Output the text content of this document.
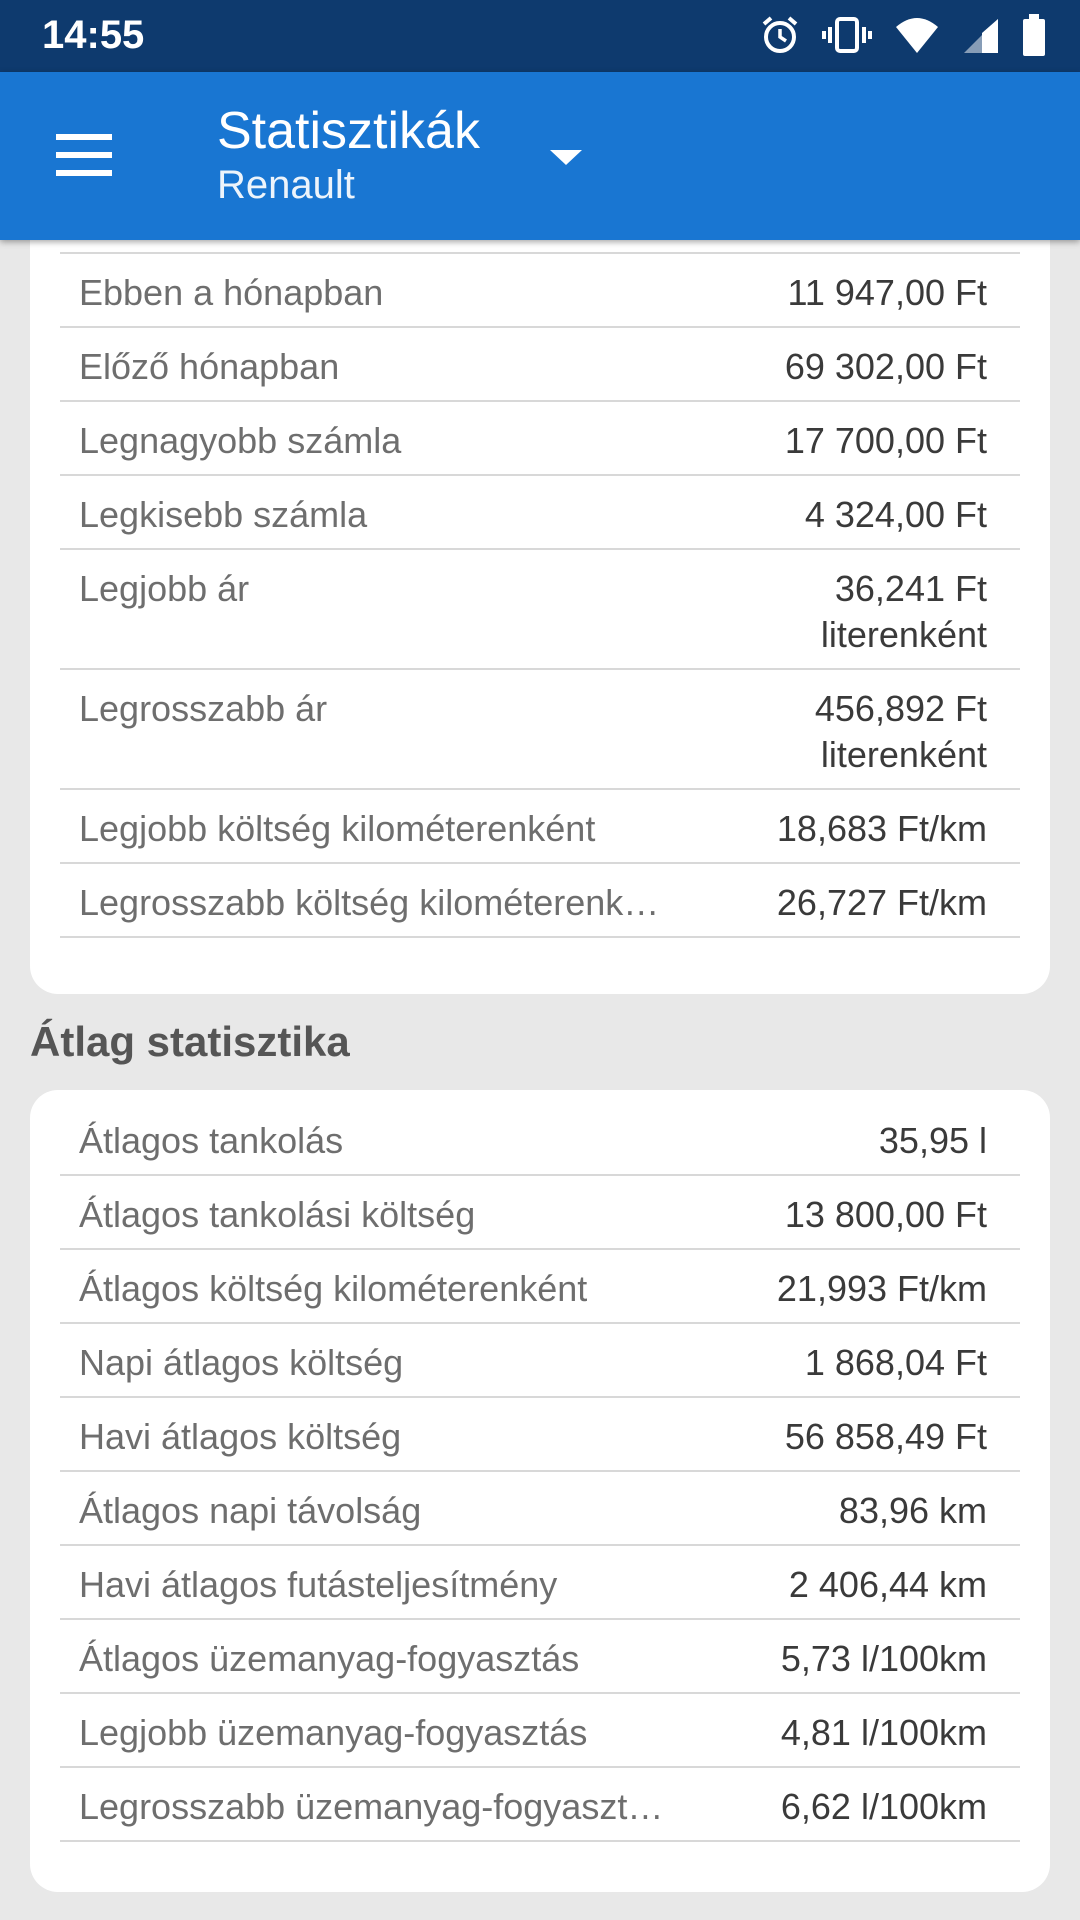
14:55
Statisztikák
Renault
Ebben a hónapban	11 947,00 Ft
Előző hónapban	69 302,00 Ft
Legnagyobb számla	17 700,00 Ft
Legkisebb számla	4 324,00 Ft
Legjobb ár	36,241 Ft
literenként
Legrosszabb ár	456,892 Ft
literenként
Legjobb költség kilométerenként	18,683 Ft/km
Legrosszabb költség kilométerenk…	26,727 Ft/km
Átlag statisztika
Átlagos tankolás	35,95 l
Átlagos tankolási költség	13 800,00 Ft
Átlagos költség kilométerenként	21,993 Ft/km
Napi átlagos költség	1 868,04 Ft
Havi átlagos költség	56 858,49 Ft
Átlagos napi távolság	83,96 km
Havi átlagos futásteljesítmény	2 406,44 km
Átlagos üzemanyag-fogyasztás	5,73 l/100km
Legjobb üzemanyag-fogyasztás	4,81 l/100km
Legrosszabb üzemanyag-fogyaszt…	6,62 l/100km
